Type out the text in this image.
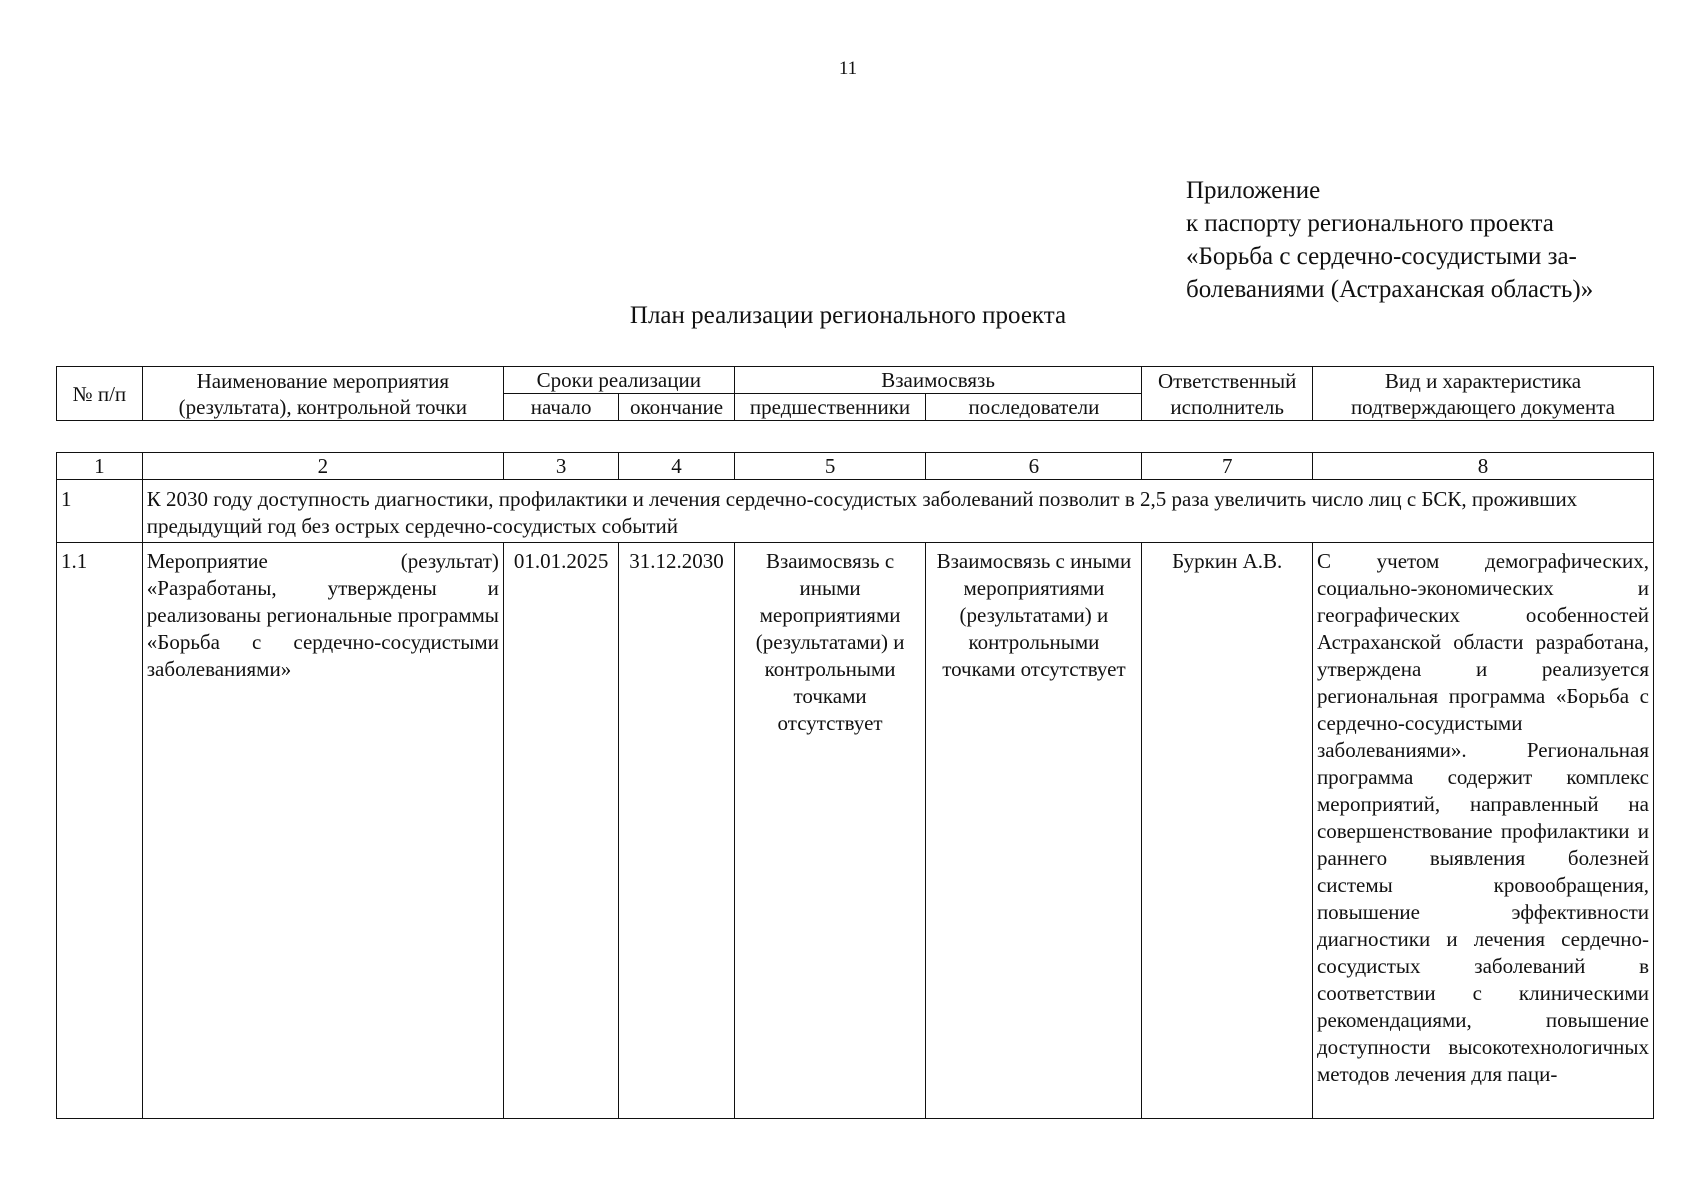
11
Приложение
к паспорту регионального проекта
«Борьба с сердечно-сосудистыми за-
болеваниями (Астраханская область)»
План реализации регионального проекта
№ п/п	Наименование мероприятия (результата), контрольной точки	Сроки реализации		Взаимосвязь		Ответственный исполнитель	Вид и характеристика подтверждающего документа
		начало	окончание	предшественники	последователи		
1	2	3	4	5	6	7	8
1	К 2030 году доступность диагностики, профилактики и лечения сердечно-сосудистых заболеваний позволит в 2,5 раза увеличить число лиц с БСК, проживших предыдущий год без острых сердечно-сосудистых событий						
1.1	Мероприятие (результат) «Разработаны, утверждены и реализованы региональные программы «Борьба с сердечно-сосудистыми заболеваниями»	01.01.2025	31.12.2030	Взаимосвязь с иными мероприятиями (результатами) и контрольными точками отсутствует	Взаимосвязь с иными мероприятиями (результатами) и контрольными точками отсутствует	Буркин А.В.	С учетом демографических, социально-экономических и географических особенностей Астраханской области разработана, утверждена и реализуется региональная программа «Борьба с сердечно-сосудистыми заболеваниями». Региональная программа содержит комплекс мероприятий, направленный на совершенствование профилактики и раннего выявления болезней системы кровообращения, повышение эффективности диагностики и лечения сердечно-сосудистых заболеваний в соответствии с клиническими рекомендациями, повышение доступности высокотехнологичных методов лечения для паци-
